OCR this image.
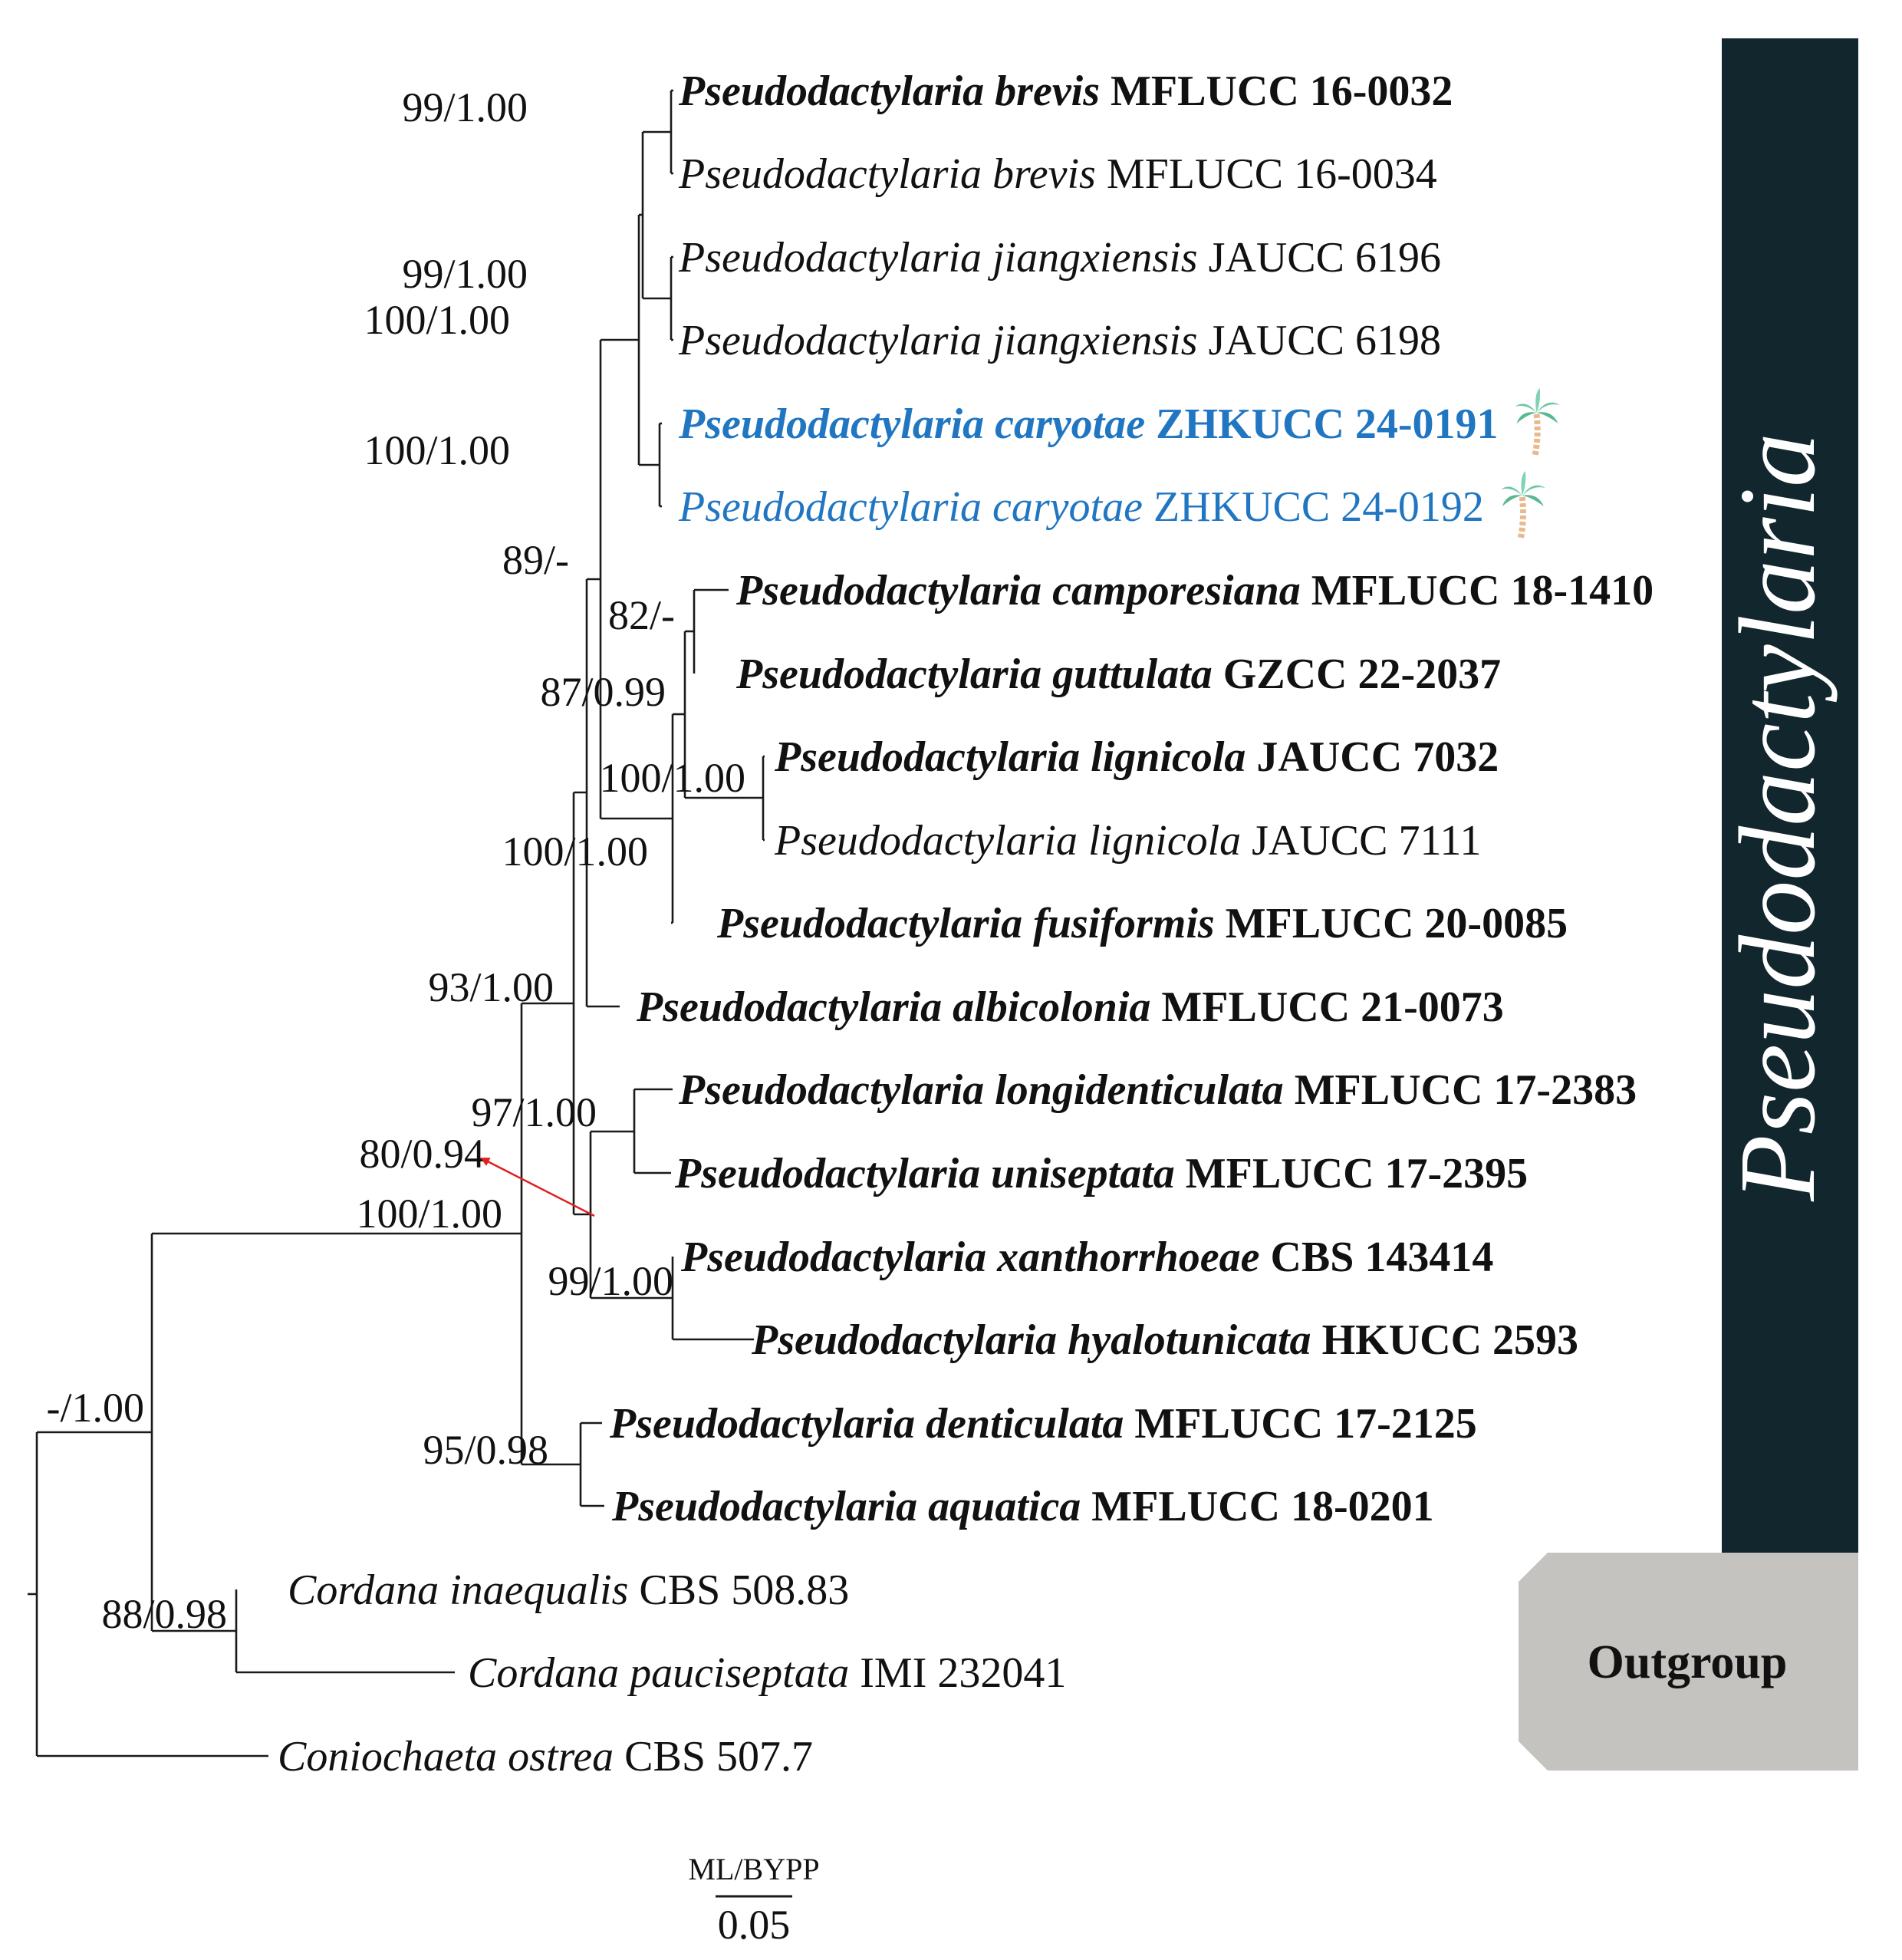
Pseudodactylaria
Outgroup
Pseudodactylaria brevis MFLUCC 16-0032
Pseudodactylaria brevis MFLUCC 16-0034
Pseudodactylaria jiangxiensis JAUCC 6196
Pseudodactylaria jiangxiensis JAUCC 6198
Pseudodactylaria caryotae ZHKUCC 24-0191
Pseudodactylaria caryotae ZHKUCC 24-0192
Pseudodactylaria camporesiana MFLUCC 18-1410
Pseudodactylaria guttulata GZCC 22-2037
Pseudodactylaria lignicola JAUCC 7032
Pseudodactylaria lignicola JAUCC 7111
Pseudodactylaria fusiformis MFLUCC 20-0085
Pseudodactylaria albicolonia MFLUCC 21-0073
Pseudodactylaria longidenticulata MFLUCC 17-2383
Pseudodactylaria uniseptata MFLUCC 17-2395
Pseudodactylaria xanthorrhoeae CBS 143414
Pseudodactylaria hyalotunicata HKUCC 2593
Pseudodactylaria denticulata MFLUCC 17-2125
Pseudodactylaria aquatica MFLUCC 18-0201
Cordana inaequalis CBS 508.83
Cordana pauciseptata IMI 232041
Coniochaeta ostrea CBS 507.7
99/1.00
99/1.00
100/1.00
100/1.00
89/-
82/-
87/0.99
100/1.00
100/1.00
93/1.00
97/1.00
80/0.94
100/1.00
99/1.00
-/1.00
95/0.98
88/0.98
ML/BYPP
0.05
